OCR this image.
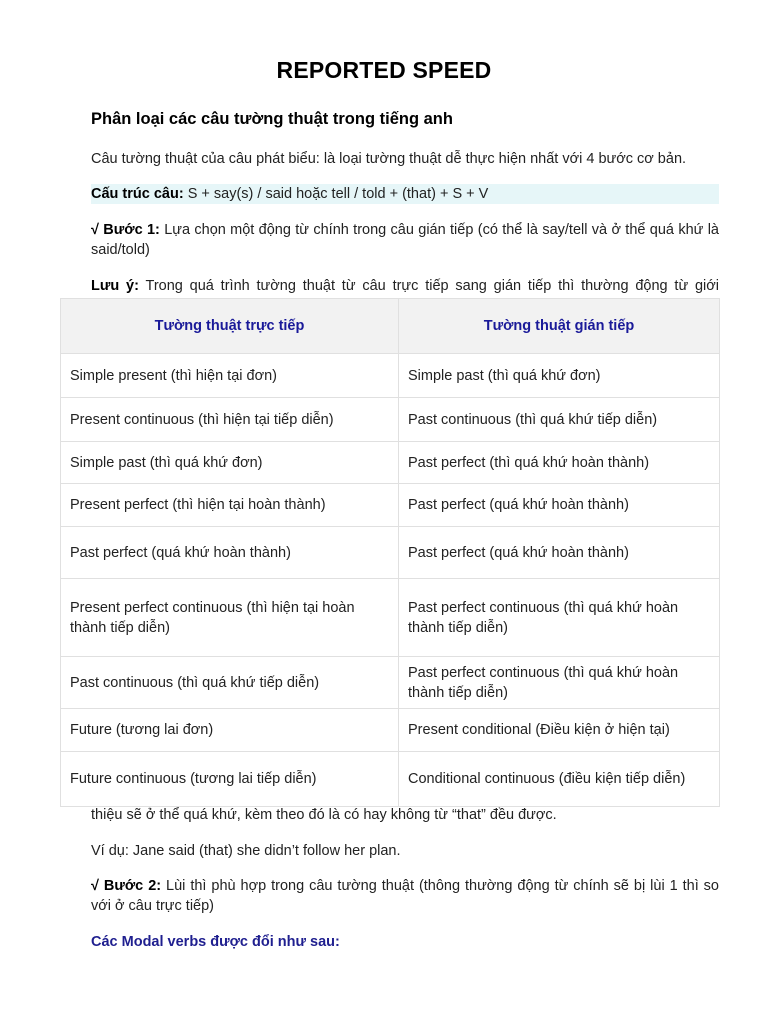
REPORTED SPEED
Phân loại các câu tường thuật trong tiếng anh
Câu tường thuật của câu phát biểu: là loại tường thuật dễ thực hiện nhất với 4 bước cơ bản.
Cấu trúc câu: S + say(s) / said hoặc tell / told + (that) + S + V
√ Bước 1: Lựa chọn một động từ chính trong câu gián tiếp (có thể là say/tell và ở thể quá khứ là said/told)
Lưu ý: Trong quá trình tường thuật từ câu trực tiếp sang gián tiếp thì thường động từ giới
Tường thuật trực tiếp	Tường thuật gián tiếp
Simple present (thì hiện tại đơn)	Simple past (thì quá khứ đơn)
Present continuous (thì hiện tại tiếp diễn)	Past continuous (thì quá khứ tiếp diễn)
Simple past (thì quá khứ đơn)	Past perfect (thì quá khứ hoàn thành)
Present perfect (thì hiện tại hoàn thành)	Past perfect (quá khứ hoàn thành)
Past perfect (quá khứ hoàn thành)	Past perfect (quá khứ hoàn thành)
Present perfect continuous (thì hiện tại hoàn thành tiếp diễn)	Past perfect continuous (thì quá khứ hoàn thành tiếp diễn)
Past continuous (thì quá khứ tiếp diễn)	Past perfect continuous (thì quá khứ hoàn thành tiếp diễn)
Future (tương lai đơn)	Present conditional (Điều kiện ở hiện tại)
Future continuous (tương lai tiếp diễn)	Conditional continuous (điều kiện tiếp diễn)
thiệu sẽ ở thể quá khứ, kèm theo đó là có hay không từ “that” đều được.
Ví dụ: Jane said (that) she didn’t follow her plan.
√ Bước 2: Lùi thì phù hợp trong câu tường thuật (thông thường động từ chính sẽ bị lùi 1 thì so với ở câu trực tiếp)
Các Modal verbs được đổi như sau:
